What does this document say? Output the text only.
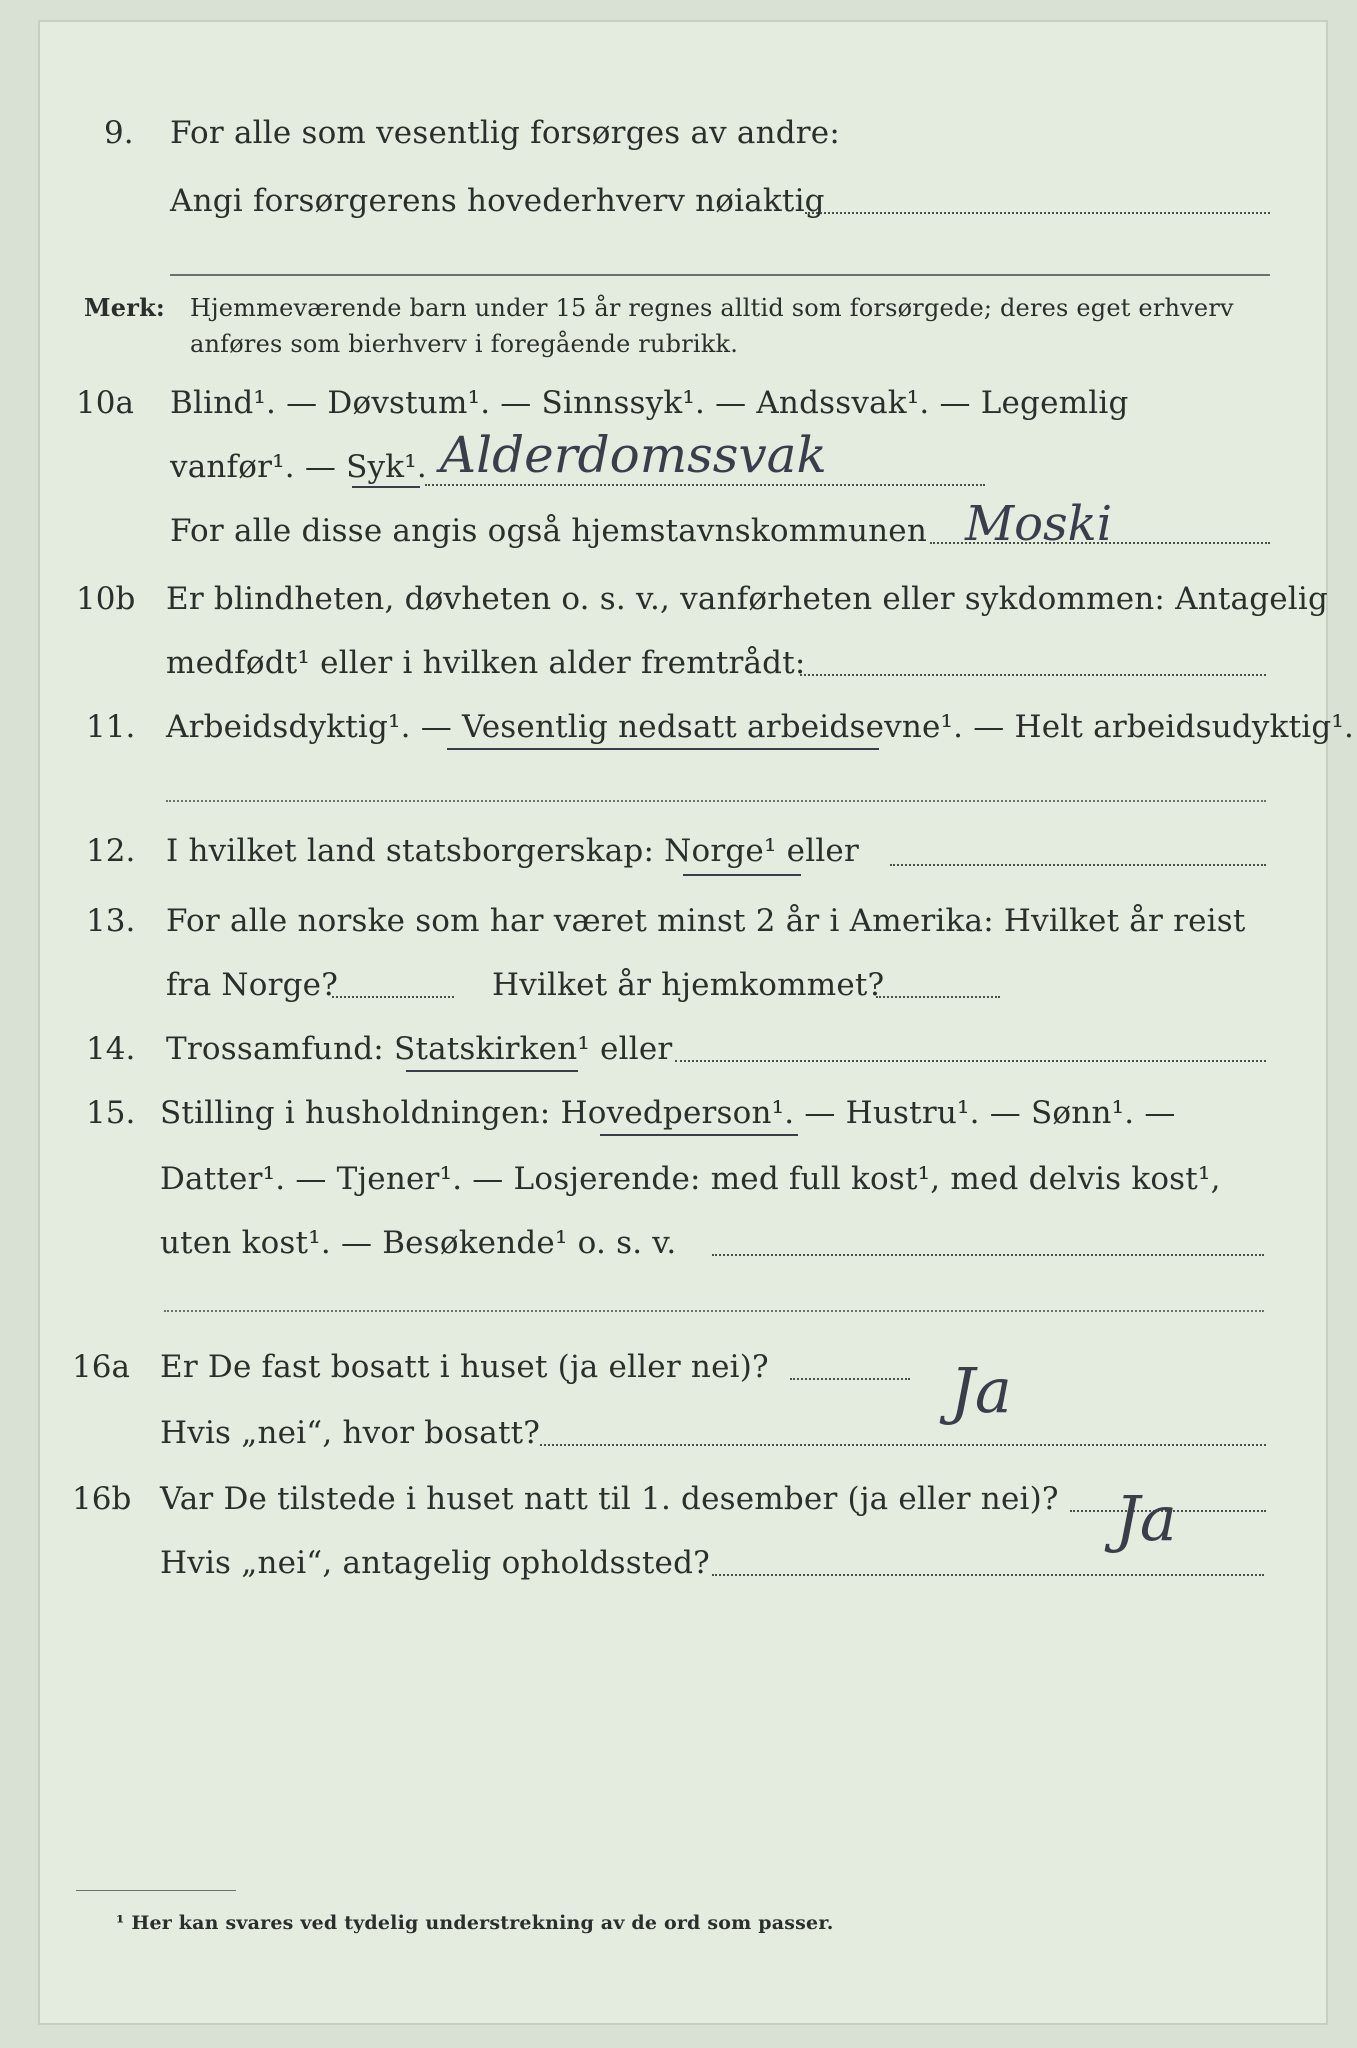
9. For alle som vesentlig forsørges av andre:
Angi forsørgerens hovederhverv nøiaktig
Merk: Hjemmeværende barn under 15 år regnes alltid som forsørgede; deres eget erhverv
anføres som bierhverv i foregående rubrikk.
10a Blind¹. — Døvstum¹. — Sinnssyk¹. — Andssvak¹. — Legemlig
vanfør¹. — Syk¹. Alderdomssvak
For alle disse angis også hjemstavnskommunen Moski
10b Er blindheten, døvheten o. s. v., vanførheten eller sykdommen: Antagelig
medfødt¹ eller i hvilken alder fremtrådt:
11. Arbeidsdyktig¹. — Vesentlig nedsatt arbeidsevne¹. — Helt arbeidsudyktig¹.
12. I hvilket land statsborgerskap: Norge¹ eller
13. For alle norske som har været minst 2 år i Amerika: Hvilket år reist
fra Norge?	Hvilket år hjemkommet?
14. Trossamfund: Statskirken¹ eller
15. Stilling i husholdningen: Hovedperson¹. — Hustru¹. — Sønn¹. —
Datter¹. — Tjener¹. — Losjerende: med full kost¹, med delvis kost¹,
uten kost¹. — Besøkende¹ o. s. v.
16a Er De fast bosatt i huset (ja eller nei)?	Ja
Hvis „nei“, hvor bosatt?
16b Var De tilstede i huset natt til 1. desember (ja eller nei)? Ja
Hvis „nei“, antagelig opholdssted?
¹ Her kan svares ved tydelig understrekning av de ord som passer.
